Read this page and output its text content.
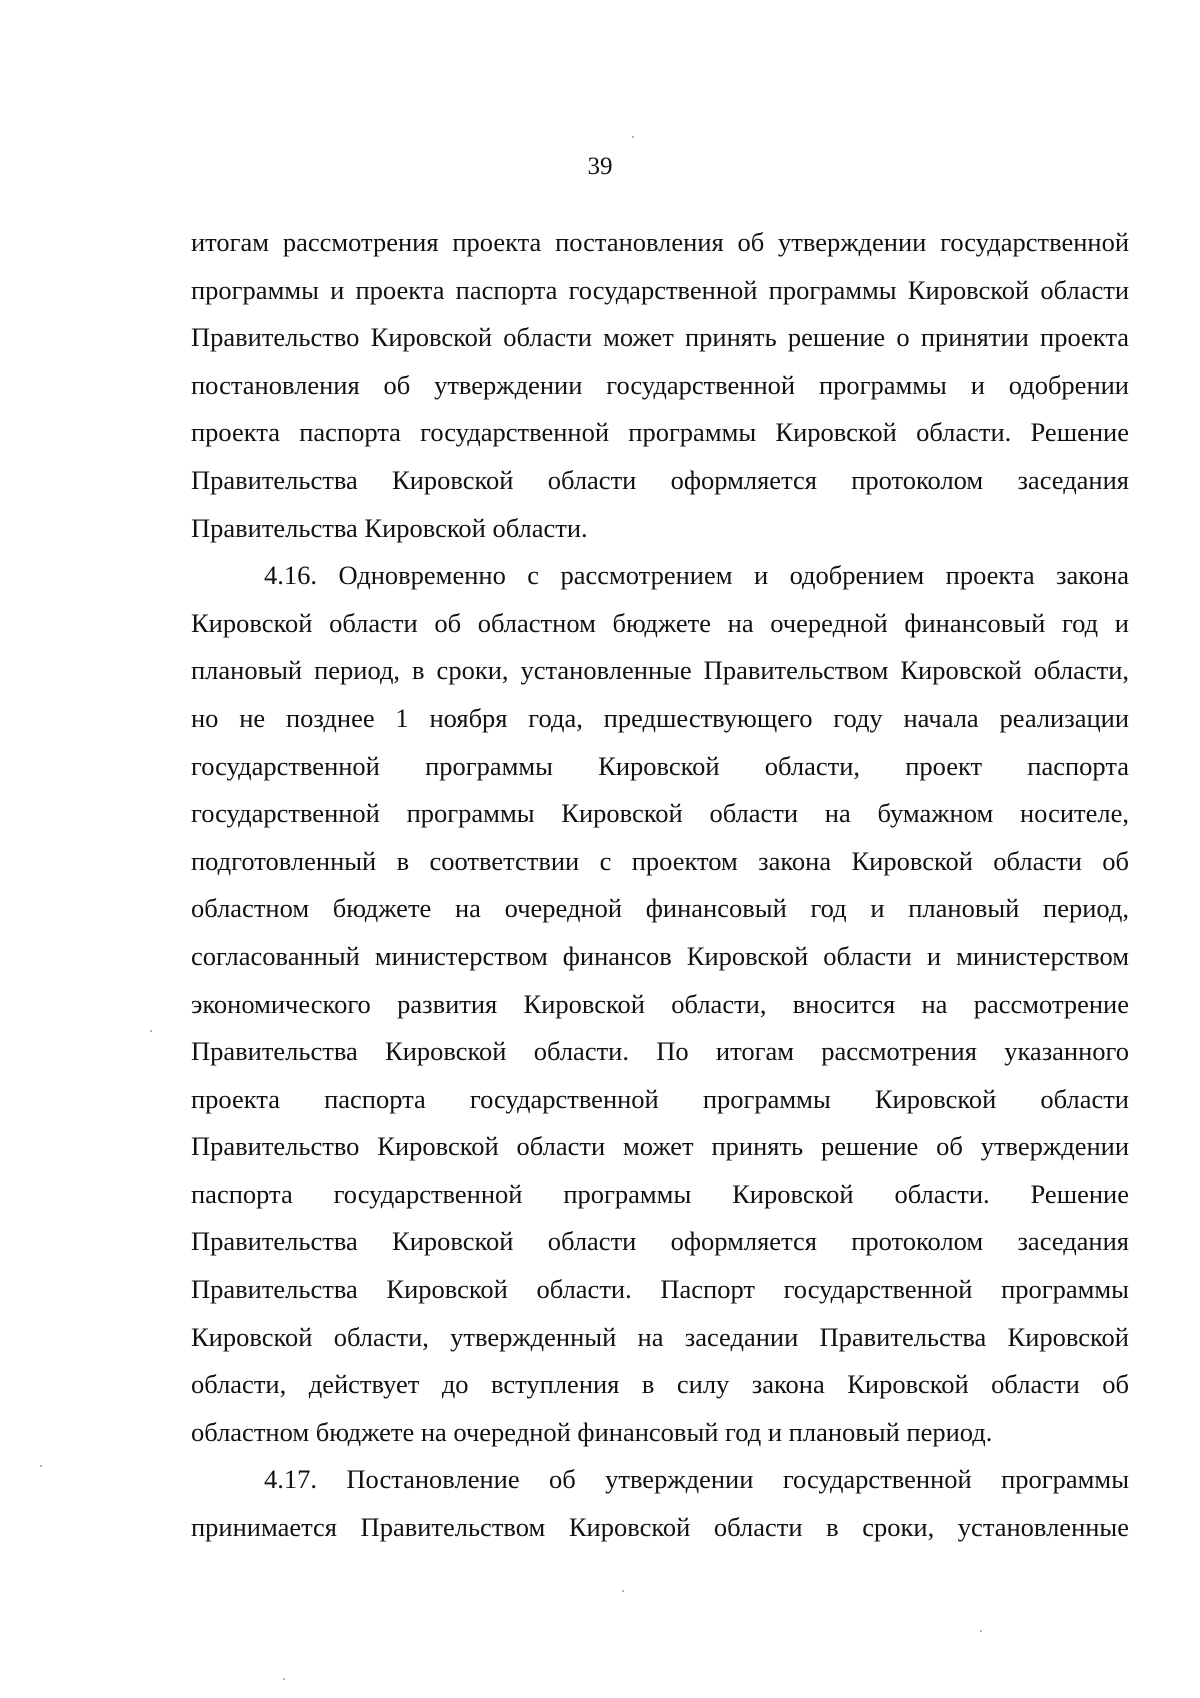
39
итогам рассмотрения проекта постановления об утверждении государственной
программы и проекта паспорта государственной программы Кировской области
Правительство Кировской области может принять решение о принятии проекта
постановления об утверждении государственной программы и одобрении
проекта паспорта государственной программы Кировской области. Решение
Правительства Кировской области оформляется протоколом заседания
Правительства Кировской области.
4.16. Одновременно с рассмотрением и одобрением проекта закона
Кировской области об областном бюджете на очередной финансовый год и
плановый период, в сроки, установленные Правительством Кировской области,
но не позднее 1 ноября года, предшествующего году начала реализации
государственной программы Кировской области, проект паспорта
государственной программы Кировской области на бумажном носителе,
подготовленный в соответствии с проектом закона Кировской области об
областном бюджете на очередной финансовый год и плановый период,
согласованный министерством финансов Кировской области и министерством
экономического развития Кировской области, вносится на рассмотрение
Правительства Кировской области. По итогам рассмотрения указанного
проекта паспорта государственной программы Кировской области
Правительство Кировской области может принять решение об утверждении
паспорта государственной программы Кировской области. Решение
Правительства Кировской области оформляется протоколом заседания
Правительства Кировской области. Паспорт государственной программы
Кировской области, утвержденный на заседании Правительства Кировской
области, действует до вступления в силу закона Кировской области об
областном бюджете на очередной финансовый год и плановый период.
4.17. Постановление об утверждении государственной программы
принимается Правительством Кировской области в сроки, установленные
